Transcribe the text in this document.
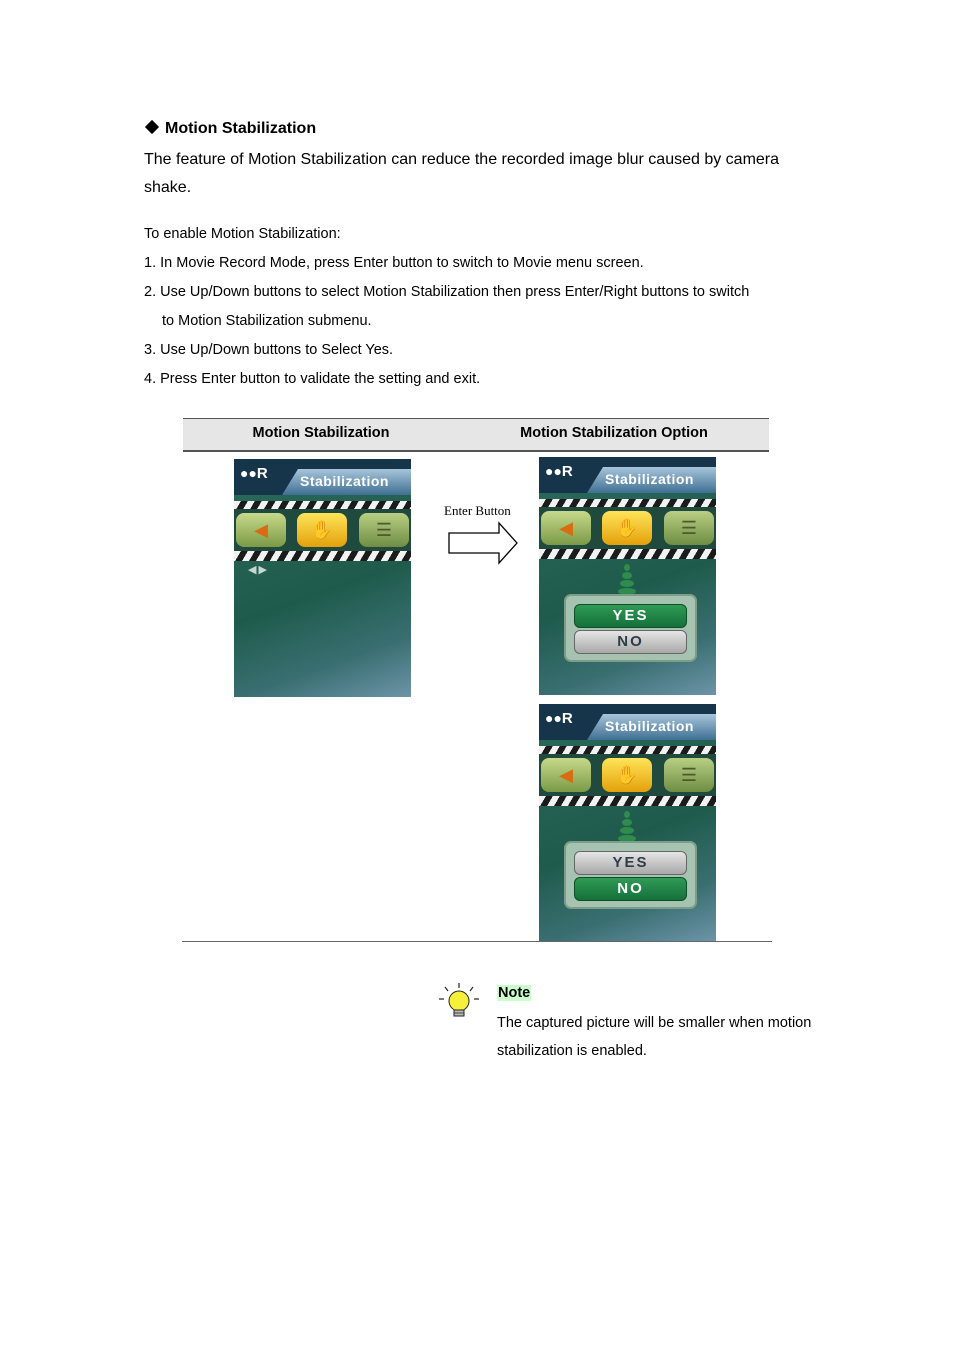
Motion Stabilization
The feature of Motion Stabilization can reduce the recorded image blur caused by camera shake.
To enable Motion Stabilization:
1. In Movie Record Mode, press Enter button to switch to Movie menu screen.
2. Use Up/Down buttons to select Motion Stabilization then press Enter/Right buttons to switch
to Motion Stabilization submenu.
3. Use Up/Down buttons to Select Yes.
4. Press Enter button to validate the setting and exit.
Motion Stabilization	Motion Stabilization Option
●●R Stabilization
◀	✋	☰
◀▶
Enter Button
●●R Stabilization
◀	✋	☰
YES
NO
●●R Stabilization
◀	✋	☰
YES
NO
Note
The captured picture will be smaller when motion stabilization is enabled.
